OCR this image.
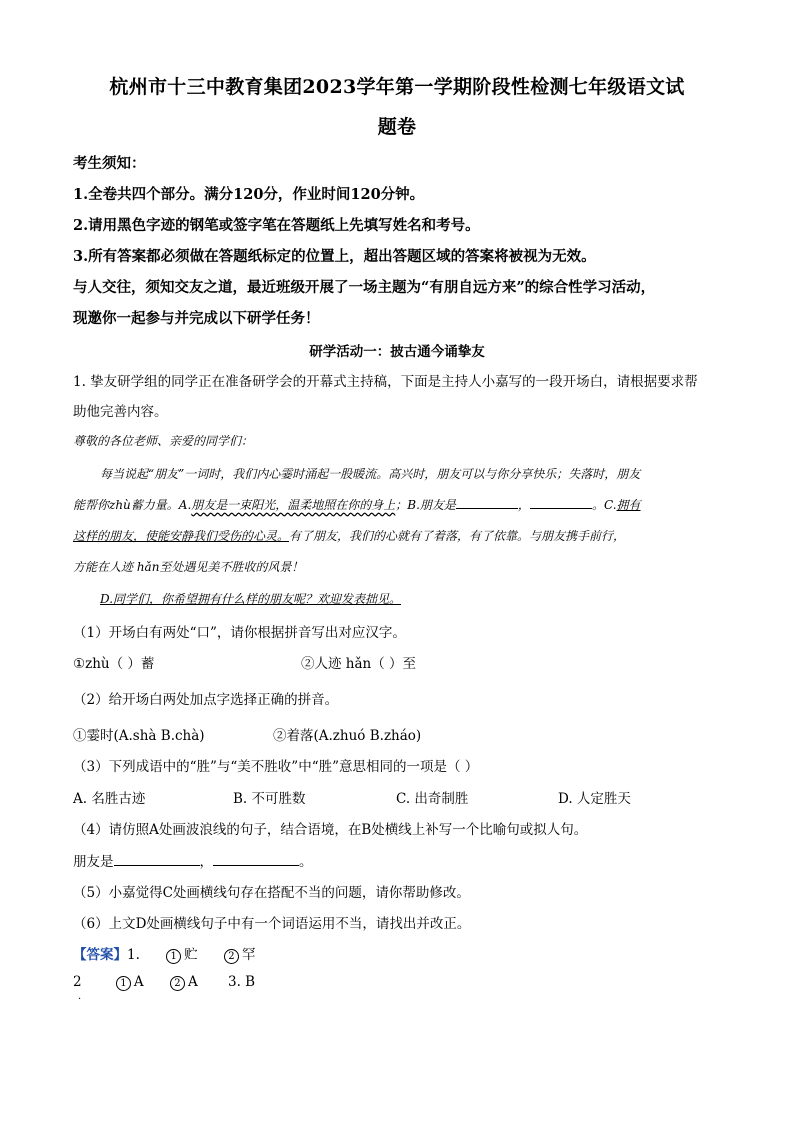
杭州市十三中教育集团2023学年第一学期阶段性检测七年级语文试
题卷
考生须知：
1.全卷共四个部分。满分120分，作业时间120分钟。
2.请用黑色字迹的钢笔或签字笔在答题纸上先填写姓名和考号。
3.所有答案都必须做在答题纸标定的位置上，超出答题区域的答案将被视为无效。
与人交往，须知交友之道，最近班级开展了一场主题为“有朋自远方来”的综合性学习活动，
现邀你一起参与并完成以下研学任务！
研学活动一：披古通今诵挚友
1. 挚友研学组的同学正在准备研学会的开幕式主持稿，下面是主持人小嘉写的一段开场白，请根据要求帮
助他完善内容。
尊敬的各位老师、亲爱的同学们：
每当说起“朋友”一词时，我们内心霎时涌起一股暖流。高兴时，朋友可以与你分享快乐；失落时，朋友
能帮你zhù蓄力量。A.朋友是一束阳光，温柔地照在你的身上；B.朋友是	，	。C.拥有
这样的朋友，使能安静我们受伤的心灵。有了朋友，我们的心就有了着落，有了依靠。与朋友携手前行，
方能在人迹 hǎn至处遇见美不胜收的风景！
D.同学们，你希望拥有什么样的朋友呢？欢迎发表拙见。
（1）开场白有两处“口”，请你根据拼音写出对应汉字。
①zhù（ ）蓄	②人迹 hǎn（ ）至
（2）给开场白两处加点字选择正确的拼音。
①霎时(A.shà B.chà)	②着落(A.zhuó B.zháo)
（3）下列成语中的“胜”与“美不胜收”中“胜”意思相同的一项是（ ）
A. 名胜古迹	B. 不可胜数	C. 出奇制胜	D. 人定胜天
（4）请仿照A处画波浪线的句子，结合语境，在B处横线上补写一个比喻句或拟人句。
朋友是	，	。
（5）小嘉觉得C处画横线句存在搭配不当的问题，请你帮助修改。
（6）上文D处画横线句子中有一个词语运用不当，请找出并改正。
【答案】1.	1 贮	2 罕
2	1 A	2 A 3. B
·
